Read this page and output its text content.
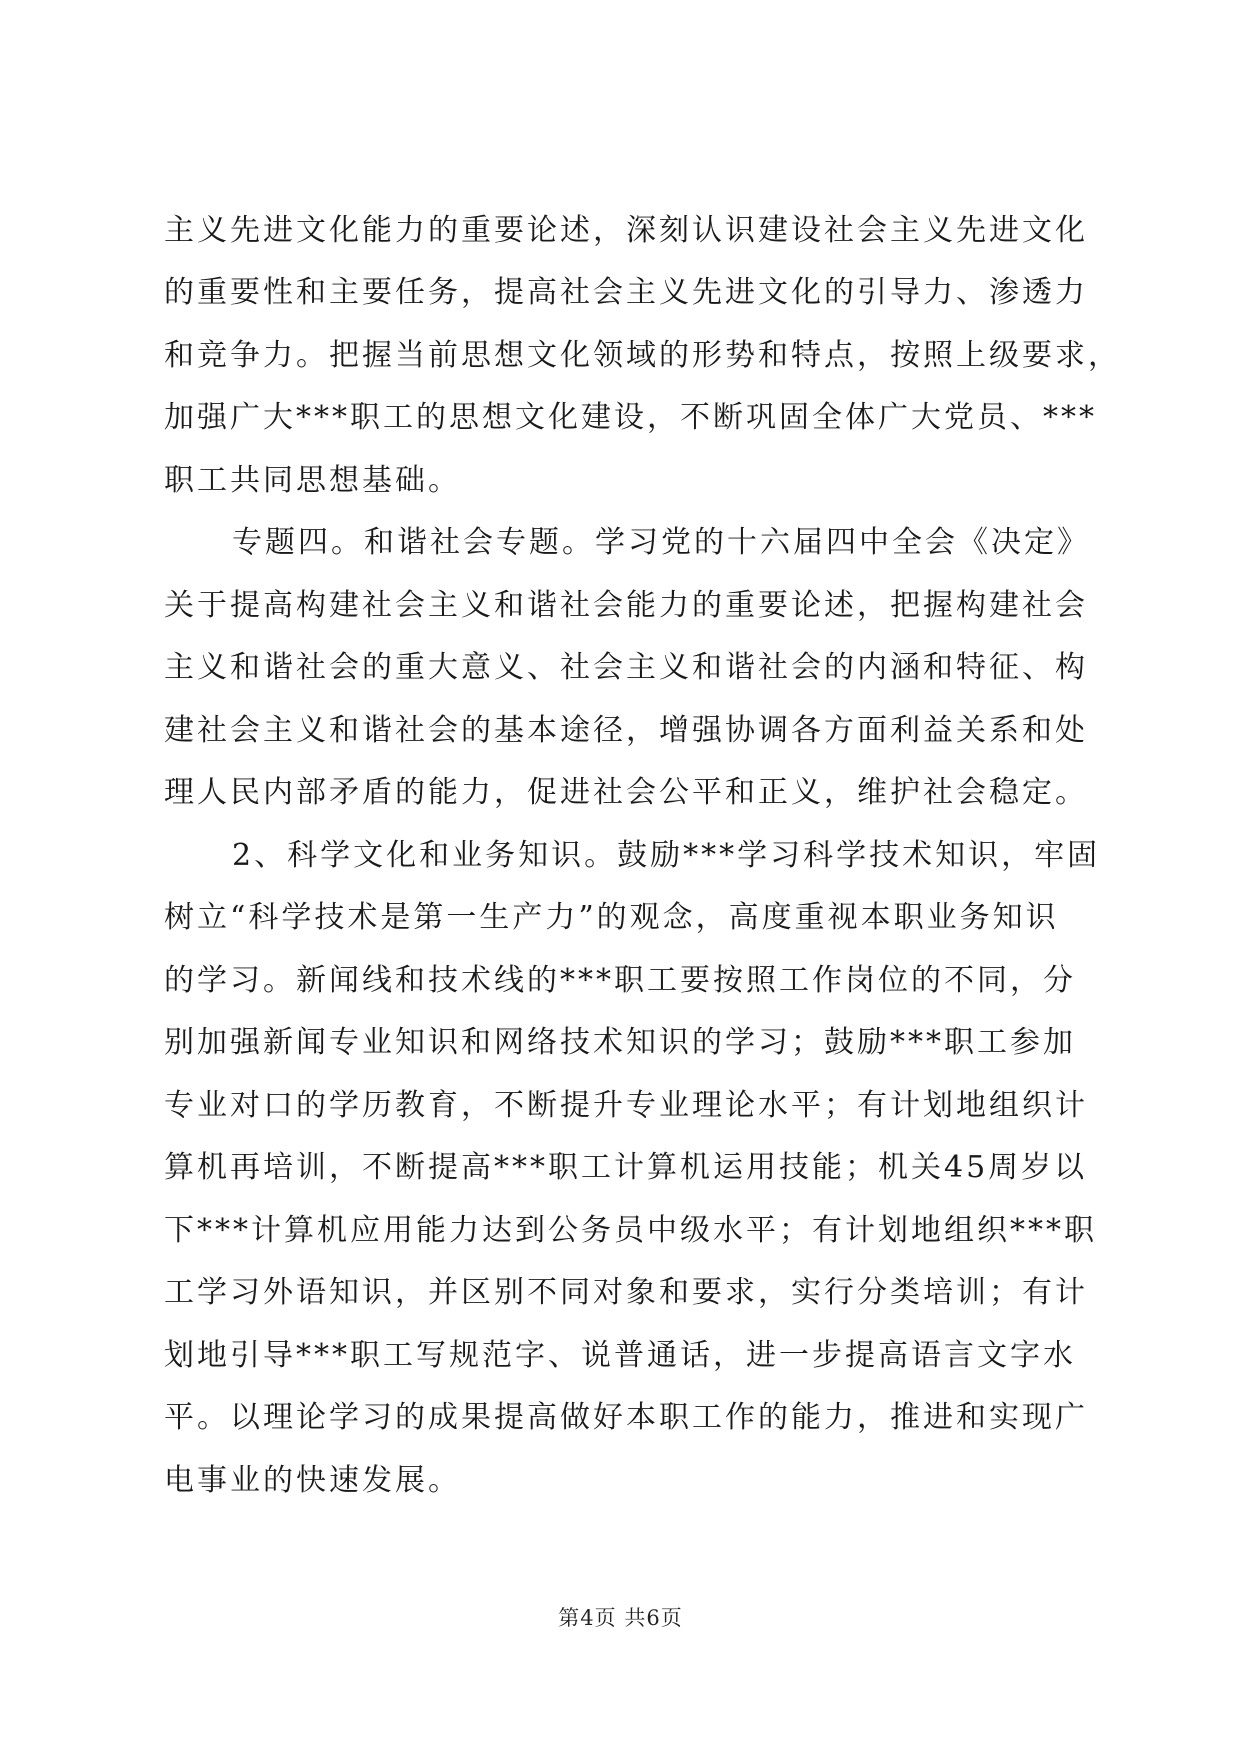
主义先进文化能力的重要论述，深刻认识建设社会主义先进文化
的重要性和主要任务，提高社会主义先进文化的引导力、渗透力
和竞争力。把握当前思想文化领域的形势和特点，按照上级要求，
加强广大***职工的思想文化建设，不断巩固全体广大党员、***
职工共同思想基础。
专题四。和谐社会专题。学习党的十六届四中全会《决定》
关于提高构建社会主义和谐社会能力的重要论述，把握构建社会
主义和谐社会的重大意义、社会主义和谐社会的内涵和特征、构
建社会主义和谐社会的基本途径，增强协调各方面利益关系和处
理人民内部矛盾的能力，促进社会公平和正义，维护社会稳定。
2、科学文化和业务知识。鼓励***学习科学技术知识，牢固
树立“科学技术是第一生产力”的观念，高度重视本职业务知识
的学习。新闻线和技术线的***职工要按照工作岗位的不同，分
别加强新闻专业知识和网络技术知识的学习；鼓励***职工参加
专业对口的学历教育，不断提升专业理论水平；有计划地组织计
算机再培训，不断提高***职工计算机运用技能；机关45周岁以
下***计算机应用能力达到公务员中级水平；有计划地组织***职
工学习外语知识，并区别不同对象和要求，实行分类培训；有计
划地引导***职工写规范字、说普通话，进一步提高语言文字水
平。以理论学习的成果提高做好本职工作的能力，推进和实现广
电事业的快速发展。
第4页 共6页
